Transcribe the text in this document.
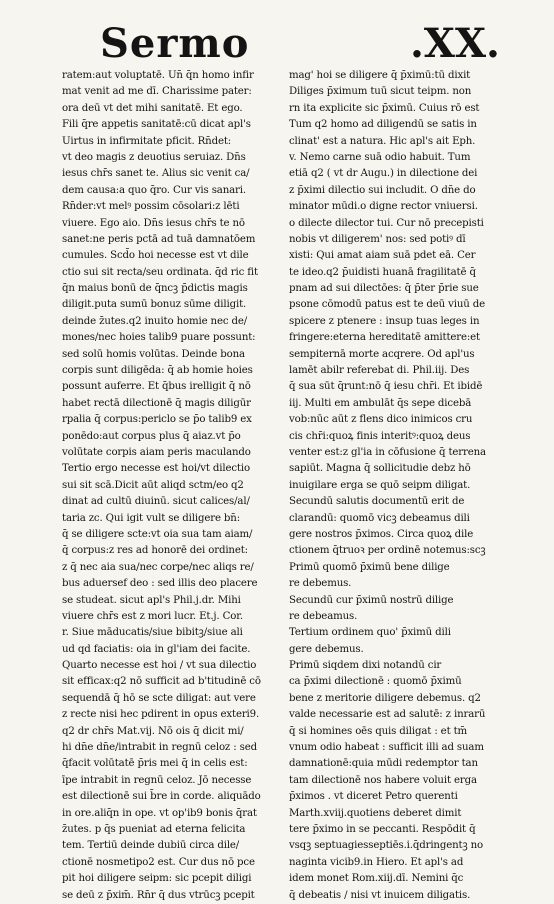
Sermo	.XX.
ratem:aut voluptatē. Un̄ q̄n homo infir
mat venit ad me dī. Charissime pater:
ora deū vt det mihi sanitatē. Et ego.
Fili q̄re appetis sanitatē:cū dicat apl's
Uirtus in infirmitate pficit. Rn̄det:
vt deo magis z deuotius seruiaz. Dn̄s
iesus chr̄s sanet te. Alius sic venit ca/
dem causa:a quo q̄ro. Cur vis sanari.
Rn̄der:vt melꝰ possim cōsolari:z lēti
viuere. Ego aio. Dn̄s iesus chr̄s te nō
sanet:ne peris pctā ad tuā damnatōem
cumules. Scd̄o hoi necesse est vt dile
ctio sui sit recta/seu ordinata. q̄d ric fit
q̄n maius bonū de q̄ncꝫ p̄dictis magis
diligit.puta sumū bonuz sūme diligit.
deinde z̄utes.q2 inuito homie nec de/
mones/nec hoies talib9 puare possunt:
sed solū homis volūtas. Deinde bona
corpis sunt diligēda: q̄ ab homie hoies
possunt auferre. Et q̄bus irelligit q̄ nō
habet rectā dilectionē q̄ magis diligūr
rpalia q̄ corpus:periclo se p̄o talib9 ex
ponēdo:aut corpus plus q̄ aiaz.vt p̄o
volūtate corpis aiam peris maculando
Tertio ergo necesse est hoi/vt dilectio
sui sit scā.Dicit aūt aliqd sctm/eo q2
dinat ad cultū diuinū. sicut calices/al/
taria zc. Qui igit vult se diligere bn̄:
q̄ se diligere scte:vt oia sua tam aiam/
q̄ corpus:z res ad honorē dei ordinet:
z q̄ nec aia sua/nec corpe/nec aliqs re/
bus aduersef deo : sed illis deo placere
se studeat. sicut apl's Phil.j.dr. Mihi
viuere chr̄s est z mori lucr. Et.j. Cor.
r. Siue māducatis/siue bibitꝫ/siue ali
ud qd faciatis: oia in gl'iam dei facite.
Quarto necesse est hoi / vt sua dilectio
sit efficax:q2 nō sufficit ad b'titudinē cō
sequendā q̄ hō se scte diligat: aut vere
z recte nisi hec pdirent in opus exteri9.
q2 dr chr̄s Mat.vij. Nō ois q̄ dicit mi/
hi dn̄e dn̄e/intrabit in regnū celoz : sed
q̄facit volūtatē p̄ris mei q̄ in celis est:
īpe intrabit in regnū celoz. Jō necesse
est dilectionē sui b̄re in corde. aliquādo
in ore.aliq̄n in ope. vt op'ib9 bonis q̄rat
z̄utes. p q̄s pueniat ad eterna felicita
tem. Tertiū deinde dubiū circa dile/
ctionē nosmetipo2 est. Cur dus nō pce
pit hoi diligere seipm: sic pcepit diligi
se deū z p̄xim̄. Rn̄r q̄ dus vtrūcꝫ pcepit
mag' hoi se diligere q̄ p̄ximū:tū dixit
Diliges p̄ximum tuū sicut teipm. non
rn ita explicite sic p̄ximū. Cuius rō est
Tum q2 homo ad diligendū se satis in
clinat' est a natura. Hic apl's ait Eph.
v. Nemo carne suā odio habuit. Tum
etiā q2 ( vt dr Augu.) in dilectione dei
z p̄ximi dilectio sui includit. O dn̄e do
minator mūdi.o digne rector vniuersi.
o dilecte dilector tui. Cur nō precepisti
nobis vt diligerem' nos: sed potiꝰ dī
xisti: Qui amat aiam suā pdet eā. Cer
te ideo.q2 p̄uidisti huanā fragilitatē q̄
pnam ad sui dilectōes: q̄ p̄ter p̄rie sue
psone cōmodū patus est te deū viuū de
spicere z ptenere : insup tuas leges in
fringere:eterna hereditatē amittere:et
sempiternā morte acqrere. Od apl'us
lamēt abilr referebat di. Phil.iij. Des
q̄ sua sūt q̄runt:nō q̄ iesu chr̄i. Et ibidē
iij. Multi em ambulāt q̄s sepe dicebā
vob:nūc aūt z flens dico inimicos cru
cis chr̄i:quoꝝ finis interitꝰ:quoꝝ deus
venter est:z gl'ia in cōfusione q̄ terrena
sapiūt. Magna q̄ sollicitudie debz hō
inuigilare erga se quō seipm diligat.
Secundū salutis documentū erit de
clarandū: quomō vicꝫ debeamus dili
gere nostros p̄ximos. Circa quoꝝ dile
ctionem q̄truoꝛ per ordinē notemus:scꝫ
Primū quomō p̄ximū bene dilige
re debemus.
Secundū cur p̄ximū nostrū dilige
re debeamus.
Tertium ordinem quo' p̄ximū dili
gere debemus.
Primū siqdem dixi notandū cir
ca p̄ximi dilectionē : quomō p̄ximū
bene z meritorie diligere debemus. q2
valde necessarie est ad salutē: z inrarū
q̄ si homines oēs quis diligat : et tm̄
vnum odio habeat : sufficit illi ad suam
damnationē:quia mūdi redemptor tan
tam dilectionē nos habere voluit erga
p̄ximos . vt diceret Petro querenti
Marth.xviij.quotiens deberet dimit
tere p̄ximo in se peccanti. Respōdit q̄
vsqꝫ septuagiesseptiēs.i.q̄dringentꝫ no
naginta vicib9.in Hiero. Et apl's ad
idem monet Rom.xiij.dī. Nemini q̄c
q̄ debeatis / nisi vt inuicem diligatis.
